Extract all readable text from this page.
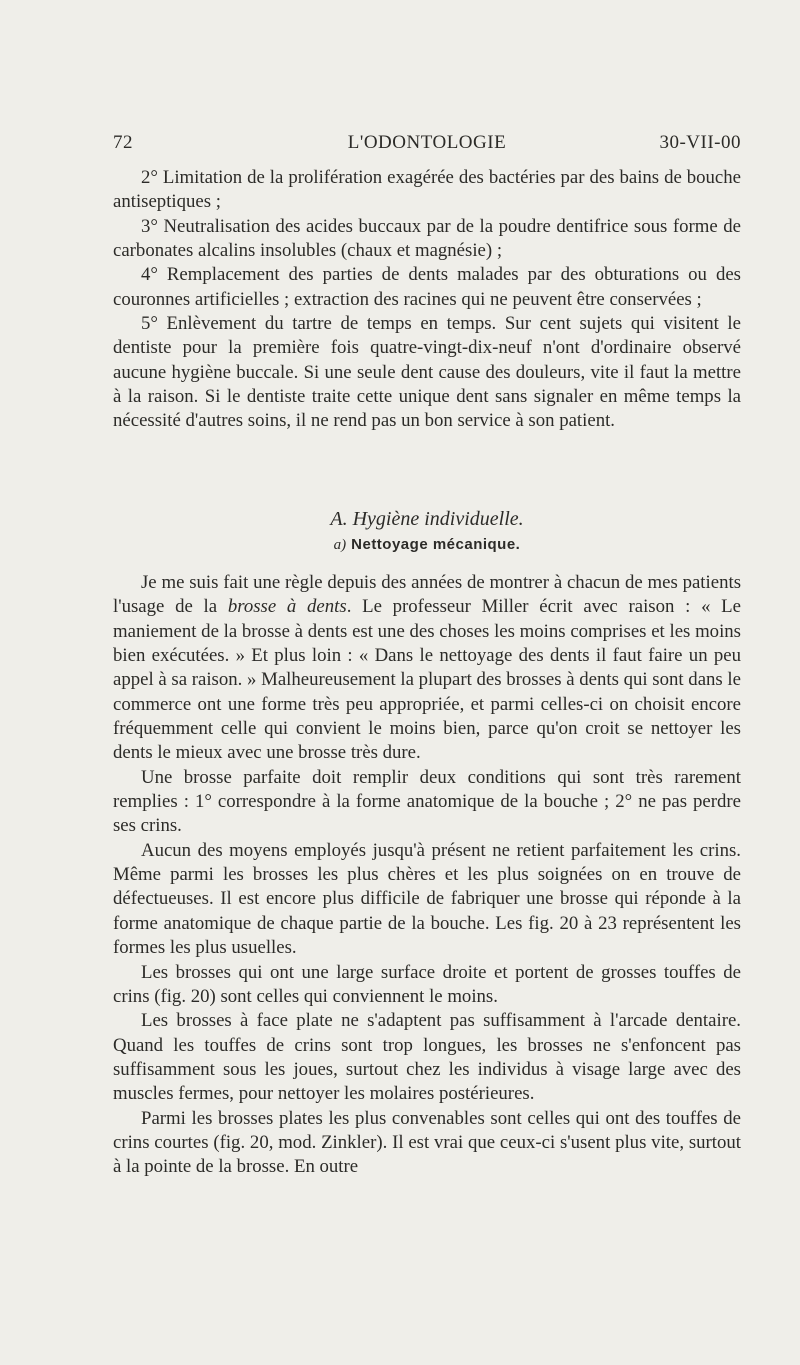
72	L'ODONTOLOGIE	30-VII-00

2° Limitation de la prolifération exagérée des bactéries par des bains de bouche antiseptiques ;

3° Neutralisation des acides buccaux par de la poudre dentifrice sous forme de carbonates alcalins insolubles (chaux et magnésie) ;

4° Remplacement des parties de dents malades par des obturations ou des couronnes artificielles ; extraction des racines qui ne peuvent être conservées ;

5° Enlèvement du tartre de temps en temps. Sur cent sujets qui visitent le dentiste pour la première fois quatre-vingt-dix-neuf n'ont d'ordinaire observé aucune hygiène buccale. Si une seule dent cause des douleurs, vite il faut la mettre à la raison. Si le dentiste traite cette unique dent sans signaler en même temps la nécessité d'autres soins, il ne rend pas un bon service à son patient.

A. Hygiène individuelle.
a) Nettoyage mécanique.

Je me suis fait une règle depuis des années de montrer à chacun de mes patients l'usage de la brosse à dents. Le professeur Miller écrit avec raison : « Le maniement de la brosse à dents est une des choses les moins comprises et les moins bien exécutées. » Et plus loin : « Dans le nettoyage des dents il faut faire un peu appel à sa raison. » Malheureusement la plupart des brosses à dents qui sont dans le commerce ont une forme très peu appropriée, et parmi celles-ci on choisit encore fréquemment celle qui convient le moins bien, parce qu'on croit se nettoyer les dents le mieux avec une brosse très dure.

Une brosse parfaite doit remplir deux conditions qui sont très rarement remplies : 1° correspondre à la forme anatomique de la bouche ; 2° ne pas perdre ses crins.

Aucun des moyens employés jusqu'à présent ne retient parfaitement les crins. Même parmi les brosses les plus chères et les plus soignées on en trouve de défectueuses. Il est encore plus difficile de fabriquer une brosse qui réponde à la forme anatomique de chaque partie de la bouche. Les fig. 20 à 23 représentent les formes les plus usuelles.

Les brosses qui ont une large surface droite et portent de grosses touffes de crins (fig. 20) sont celles qui conviennent le moins.

Les brosses à face plate ne s'adaptent pas suffisamment à l'arcade dentaire. Quand les touffes de crins sont trop longues, les brosses ne s'enfoncent pas suffisamment sous les joues, surtout chez les individus à visage large avec des muscles fermes, pour nettoyer les molaires postérieures.

Parmi les brosses plates les plus convenables sont celles qui ont des touffes de crins courtes (fig. 20, mod. Zinkler). Il est vrai que ceux-ci s'usent plus vite, surtout à la pointe de la brosse. En outre
